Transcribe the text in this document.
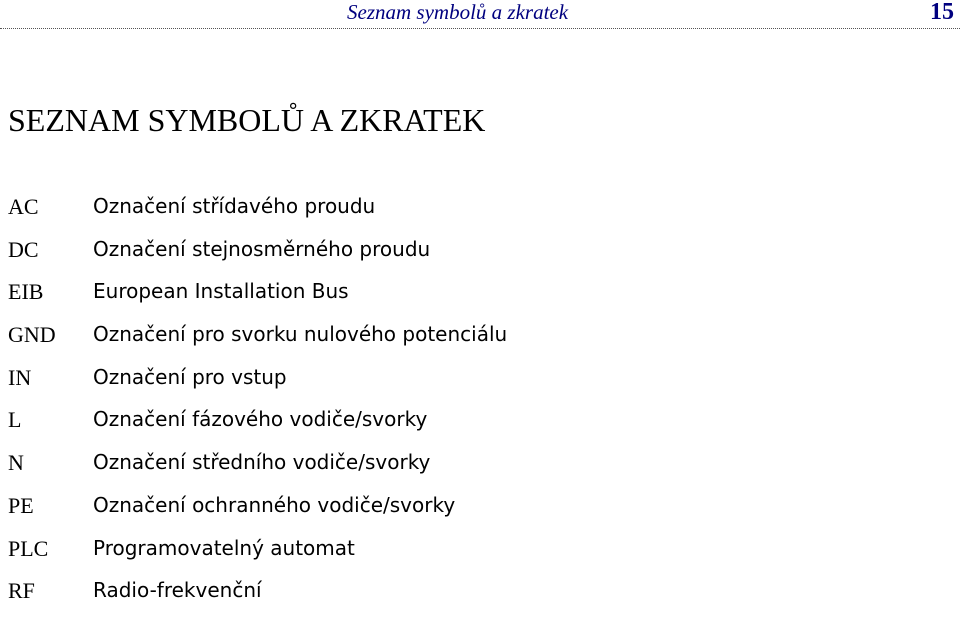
Seznam symbolů a zkratek	15
SEZNAM SYMBOLŮ A ZKRATEK
AC	Označení střídavého proudu
DC	Označení stejnosměrného proudu
EIB European Installation Bus
GND Označení pro svorku nulového potenciálu
IN	Označení pro vstup
L	Označení fázového vodiče/svorky
N	Označení středního vodiče/svorky
PE	Označení ochranného vodiče/svorky
PLC Programovatelný automat
RF	Radio-frekvenční
